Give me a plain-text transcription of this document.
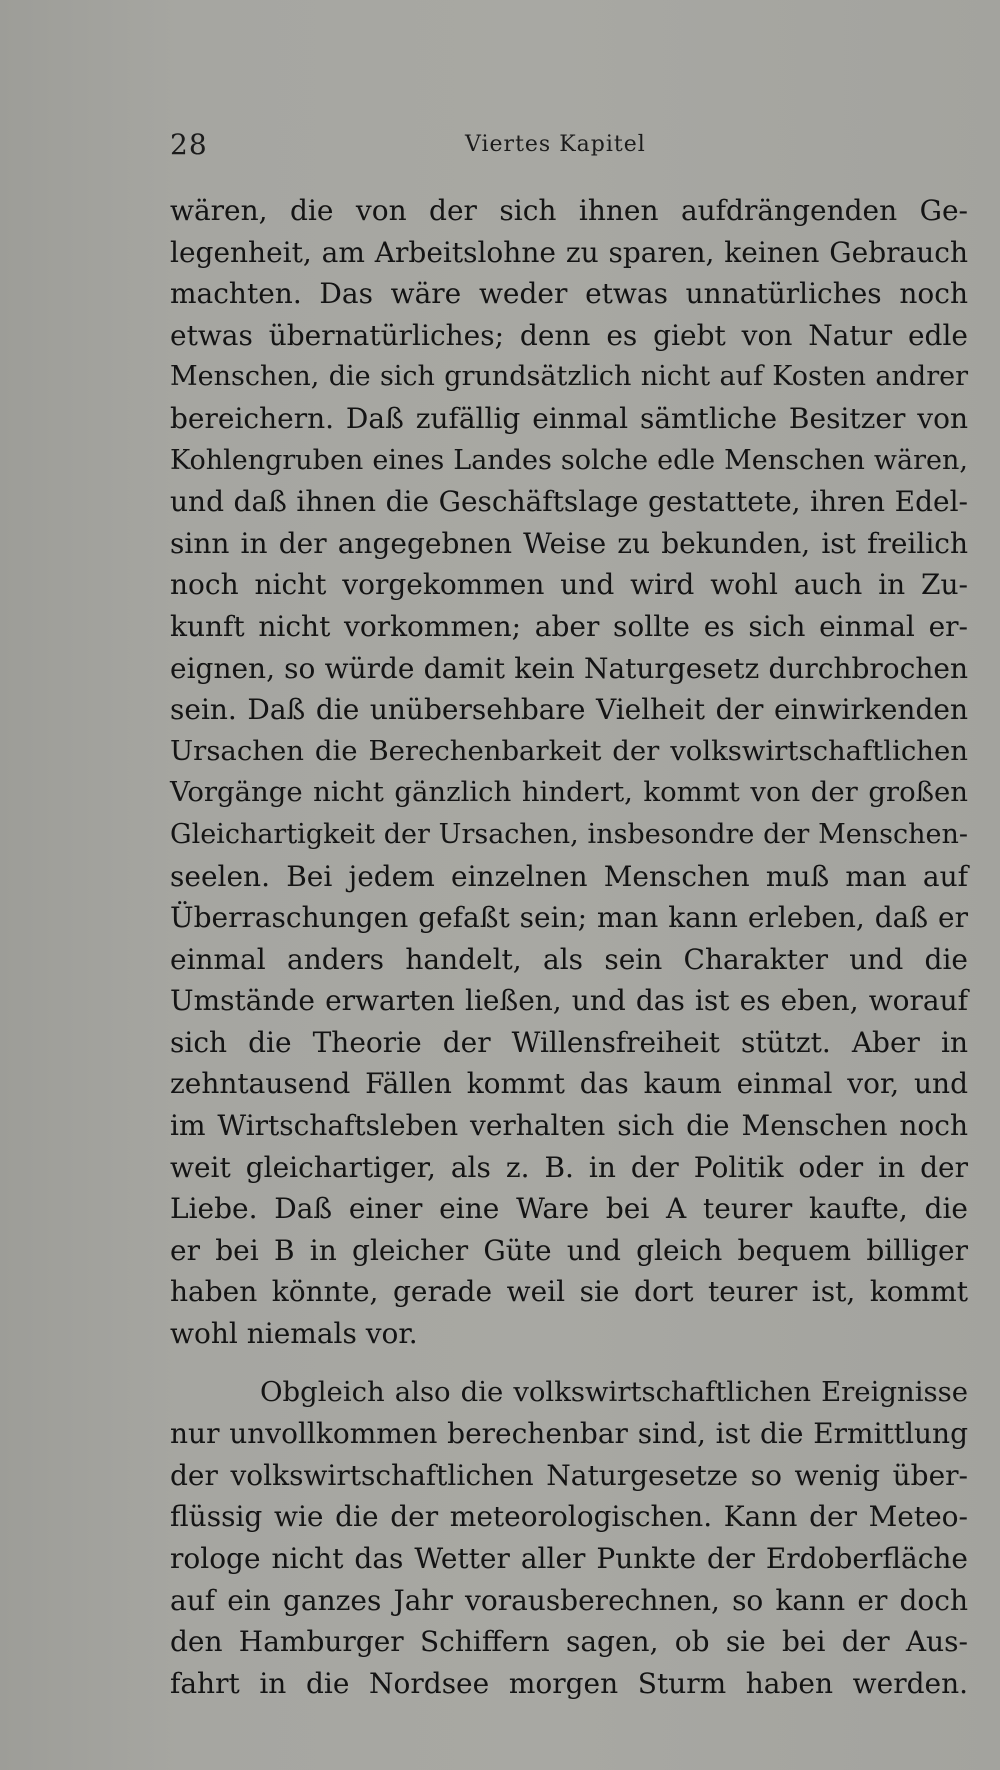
28	Viertes Kapitel
wären, die von der sich ihnen aufdrängenden Ge-
legenheit, am Arbeitslohne zu sparen, keinen Gebrauch
machten. Das wäre weder etwas unnatürliches noch
etwas übernatürliches; denn es giebt von Natur edle
Menschen, die sich grundsätzlich nicht auf Kosten andrer
bereichern. Daß zufällig einmal sämtliche Besitzer von
Kohlengruben eines Landes solche edle Menschen wären,
und daß ihnen die Geschäftslage gestattete, ihren Edel-
sinn in der angegebnen Weise zu bekunden, ist freilich
noch nicht vorgekommen und wird wohl auch in Zu-
kunft nicht vorkommen; aber sollte es sich einmal er-
eignen, so würde damit kein Naturgesetz durchbrochen
sein. Daß die unübersehbare Vielheit der einwirkenden
Ursachen die Berechenbarkeit der volkswirtschaftlichen
Vorgänge nicht gänzlich hindert, kommt von der großen
Gleichartigkeit der Ursachen, insbesondre der Menschen-
seelen. Bei jedem einzelnen Menschen muß man auf
Überraschungen gefaßt sein; man kann erleben, daß er
einmal anders handelt, als sein Charakter und die
Umstände erwarten ließen, und das ist es eben, worauf
sich die Theorie der Willensfreiheit stützt. Aber in
zehntausend Fällen kommt das kaum einmal vor, und
im Wirtschaftsleben verhalten sich die Menschen noch
weit gleichartiger, als z. B. in der Politik oder in der
Liebe. Daß einer eine Ware bei A teurer kaufte, die
er bei B in gleicher Güte und gleich bequem billiger
haben könnte, gerade weil sie dort teurer ist, kommt
wohl niemals vor.
Obgleich also die volkswirtschaftlichen Ereignisse
nur unvollkommen berechenbar sind, ist die Ermittlung
der volkswirtschaftlichen Naturgesetze so wenig über-
flüssig wie die der meteorologischen. Kann der Meteo-
rologe nicht das Wetter aller Punkte der Erdoberfläche
auf ein ganzes Jahr vorausberechnen, so kann er doch
den Hamburger Schiffern sagen, ob sie bei der Aus-
fahrt in die Nordsee morgen Sturm haben werden.
